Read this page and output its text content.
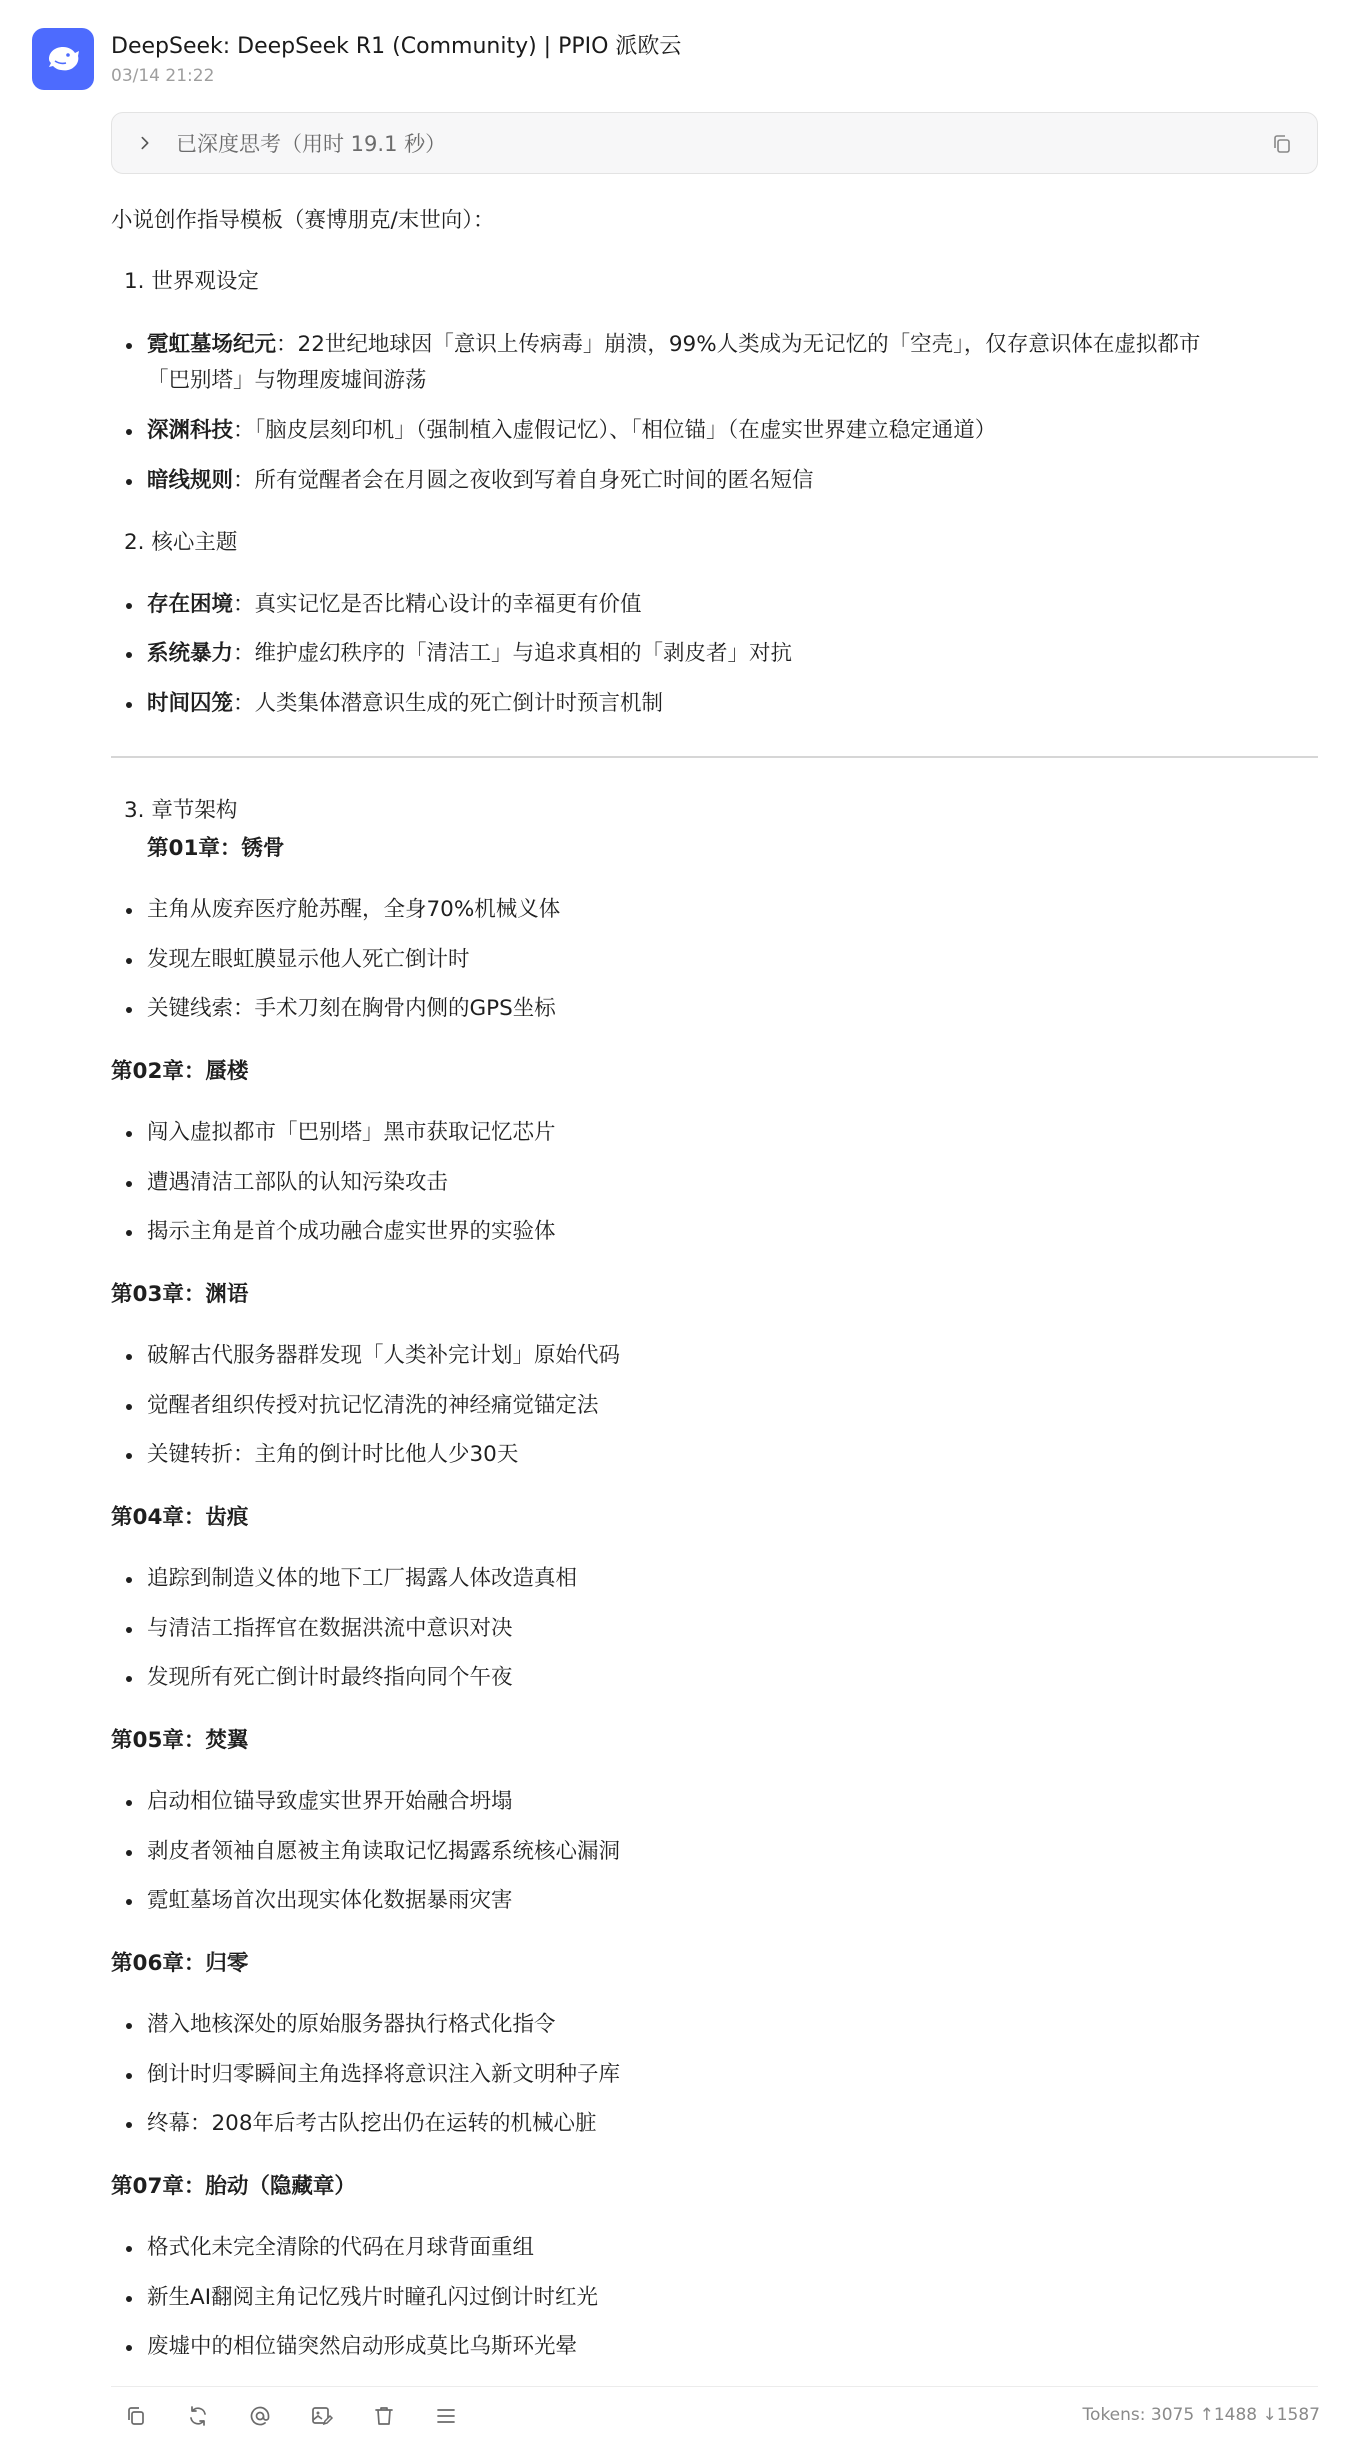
DeepSeek: DeepSeek R1 (Community) | PPIO 派欧云
03/14 21:22
已深度思考（用时 19.1 秒）
小说创作指导模板（赛博朋克/末世向）：
1. 世界观设定
霓虹墓场纪元：22世纪地球因「意识上传病毒」崩溃，99%人类成为无记忆的「空壳」，仅存意识体在虚拟都市
「巴别塔」与物理废墟间游荡
深渊科技：「脑皮层刻印机」（强制植入虚假记忆）、「相位锚」（在虚实世界建立稳定通道）
暗线规则：所有觉醒者会在月圆之夜收到写着自身死亡时间的匿名短信
2. 核心主题
存在困境：真实记忆是否比精心设计的幸福更有价值
系统暴力：维护虚幻秩序的「清洁工」与追求真相的「剥皮者」对抗
时间囚笼：人类集体潜意识生成的死亡倒计时预言机制
3. 章节架构
第01章：锈骨
主角从废弃医疗舱苏醒，全身70%机械义体
发现左眼虹膜显示他人死亡倒计时
关键线索：手术刀刻在胸骨内侧的GPS坐标
第02章：蜃楼
闯入虚拟都市「巴别塔」黑市获取记忆芯片
遭遇清洁工部队的认知污染攻击
揭示主角是首个成功融合虚实世界的实验体
第03章：渊语
破解古代服务器群发现「人类补完计划」原始代码
觉醒者组织传授对抗记忆清洗的神经痛觉锚定法
关键转折：主角的倒计时比他人少30天
第04章：齿痕
追踪到制造义体的地下工厂揭露人体改造真相
与清洁工指挥官在数据洪流中意识对决
发现所有死亡倒计时最终指向同个午夜
第05章：焚翼
启动相位锚导致虚实世界开始融合坍塌
剥皮者领袖自愿被主角读取记忆揭露系统核心漏洞
霓虹墓场首次出现实体化数据暴雨灾害
第06章：归零
潜入地核深处的原始服务器执行格式化指令
倒计时归零瞬间主角选择将意识注入新文明种子库
终幕：208年后考古队挖出仍在运转的机械心脏
第07章：胎动（隐藏章）
格式化未完全清除的代码在月球背面重组
新生AI翻阅主角记忆残片时瞳孔闪过倒计时红光
废墟中的相位锚突然启动形成莫比乌斯环光晕
Tokens: 3075 ↑1488 ↓1587
